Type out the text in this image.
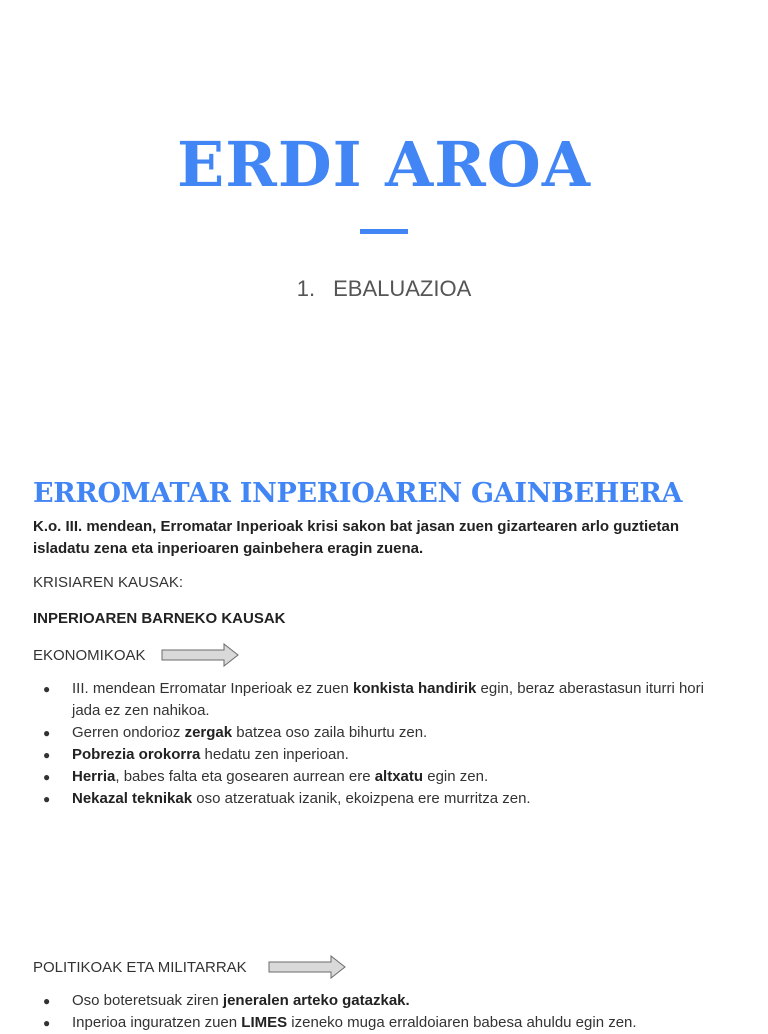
ERDI AROA
1. EBALUAZIOA
ERROMATAR INPERIOAREN GAINBEHERA

K.o. III. mendean, Erromatar Inperioak krisi sakon bat jasan zuen gizartearen arlo guztietan isladatu zena eta inperioaren gainbehera eragin zuena.

KRISIAREN KAUSAK:

INPERIOAREN BARNEKO KAUSAK

EKONOMIKOAK
● III. mendean Erromatar Inperioak ez zuen konkista handirik egin, beraz aberastasun iturri hori jada ez zen nahikoa.
● Gerren ondorioz zergak batzea oso zaila bihurtu zen.
● Pobrezia orokorra hedatu zen inperioan.
● Herria, babes falta eta gosearen aurrean ere altxatu egin zen.
● Nekazal teknikak oso atzeratuak izanik, ekoizpena ere murritza zen.
POLITIKOAK ETA MILITARRAK
● Oso boteretsuak ziren jeneralen arteko gatazkak.
● Inperioa inguratzen zuen LIMES izeneko muga erraldoiaren babesa ahuldu egin zen.
